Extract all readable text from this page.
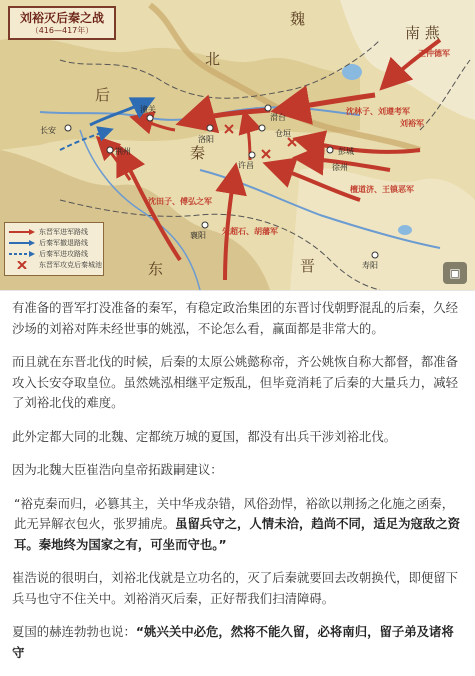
刘裕灭后秦之战
（416—417年）
北
魏
后
秦
南 燕
晋
东
长安
潼关
洛阳
滑台
彭城
许昌
襄阳
寿阳
荆州
徐州
仓垣
王仲德军
刘裕军
檀道济、王镇恶军
沈林子、刘遵考军
朱超石、胡藩军
沈田子、傅弘之军
东晋军进军路线
后秦军撤退路线
后秦军进攻路线
东晋军攻克后秦城池
▣

有准备的晋军打没准备的秦军，有稳定政治集团的东晋讨伐朝野混乱的后秦，久经沙场的刘裕对阵未经世事的姚泓，不论怎么看，赢面都是非常大的。

而且就在东晋北伐的时候，后秦的太原公姚懿称帝，齐公姚恢自称大都督，都准备攻入长安夺取皇位。虽然姚泓相继平定叛乱，但毕竟消耗了后秦的大量兵力，减轻了刘裕北伐的难度。

此外定都大同的北魏、定都统万城的夏国，都没有出兵干涉刘裕北伐。

因为北魏大臣崔浩向皇帝拓跋嗣建议：

“裕克秦而归，必篡其主，关中华戎杂错，风俗劲悍，裕欲以荆扬之化施之函秦，此无异解衣包火，张罗捕虎。虽留兵守之，人情未洽，趋尚不同，适足为寇敌之资耳。秦地终为国家之有，可坐而守也。”

崔浩说的很明白，刘裕北伐就是立功名的，灭了后秦就要回去改朝换代，即便留下兵马也守不住关中。刘裕消灭后秦，正好帮我们扫清障碍。

夏国的赫连勃勃也说：“姚兴关中必危，然将不能久留，必将南归，留子弟及诸将守
